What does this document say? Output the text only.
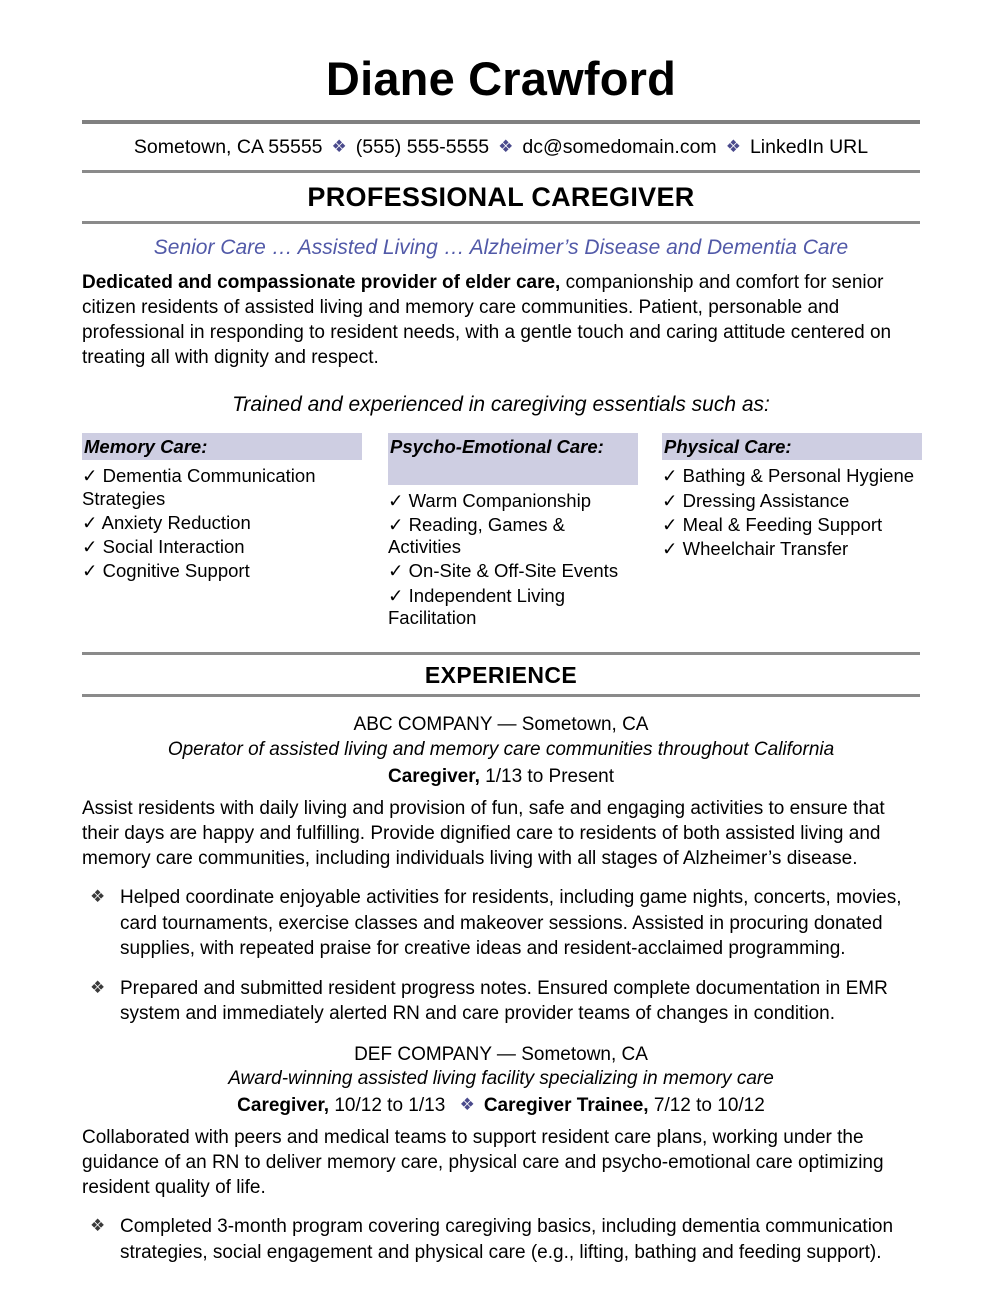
Diane Crawford
Sometown, CA 55555 ❖ (555) 555-5555 ❖ dc@somedomain.com ❖ LinkedIn URL
PROFESSIONAL CAREGIVER
Senior Care … Assisted Living … Alzheimer’s Disease and Dementia Care

Dedicated and compassionate provider of elder care, companionship and comfort for senior citizen residents of assisted living and memory care communities. Patient, personable and professional in responding to resident needs, with a gentle touch and caring attitude centered on treating all with dignity and respect.

Trained and experienced in caregiving essentials such as:
Memory Care:
✓ Dementia Communication Strategies
✓ Anxiety Reduction
✓ Social Interaction
✓ Cognitive Support
Psycho-Emotional Care:
✓ Warm Companionship
✓ Reading, Games & Activities
✓ On-Site & Off-Site Events
✓ Independent Living Facilitation
Physical Care:
✓ Bathing & Personal Hygiene
✓ Dressing Assistance
✓ Meal & Feeding Support
✓ Wheelchair Transfer
EXPERIENCE
ABC COMPANY — Sometown, CA
Operator of assisted living and memory care communities throughout California
Caregiver, 1/13 to Present

Assist residents with daily living and provision of fun, safe and engaging activities to ensure that their days are happy and fulfilling. Provide dignified care to residents of both assisted living and memory care communities, including individuals living with all stages of Alzheimer’s disease.

❖ Helped coordinate enjoyable activities for residents, including game nights, concerts, movies, card tournaments, exercise classes and makeover sessions. Assisted in procuring donated supplies, with repeated praise for creative ideas and resident-acclaimed programming.
❖ Prepared and submitted resident progress notes. Ensured complete documentation in EMR system and immediately alerted RN and care provider teams of changes in condition.
DEF COMPANY — Sometown, CA
Award-winning assisted living facility specializing in memory care
Caregiver, 10/12 to 1/13 ❖ Caregiver Trainee, 7/12 to 10/12

Collaborated with peers and medical teams to support resident care plans, working under the guidance of an RN to deliver memory care, physical care and psycho-emotional care optimizing resident quality of life.

❖ Completed 3-month program covering caregiving basics, including dementia communication strategies, social engagement and physical care (e.g., lifting, bathing and feeding support).
